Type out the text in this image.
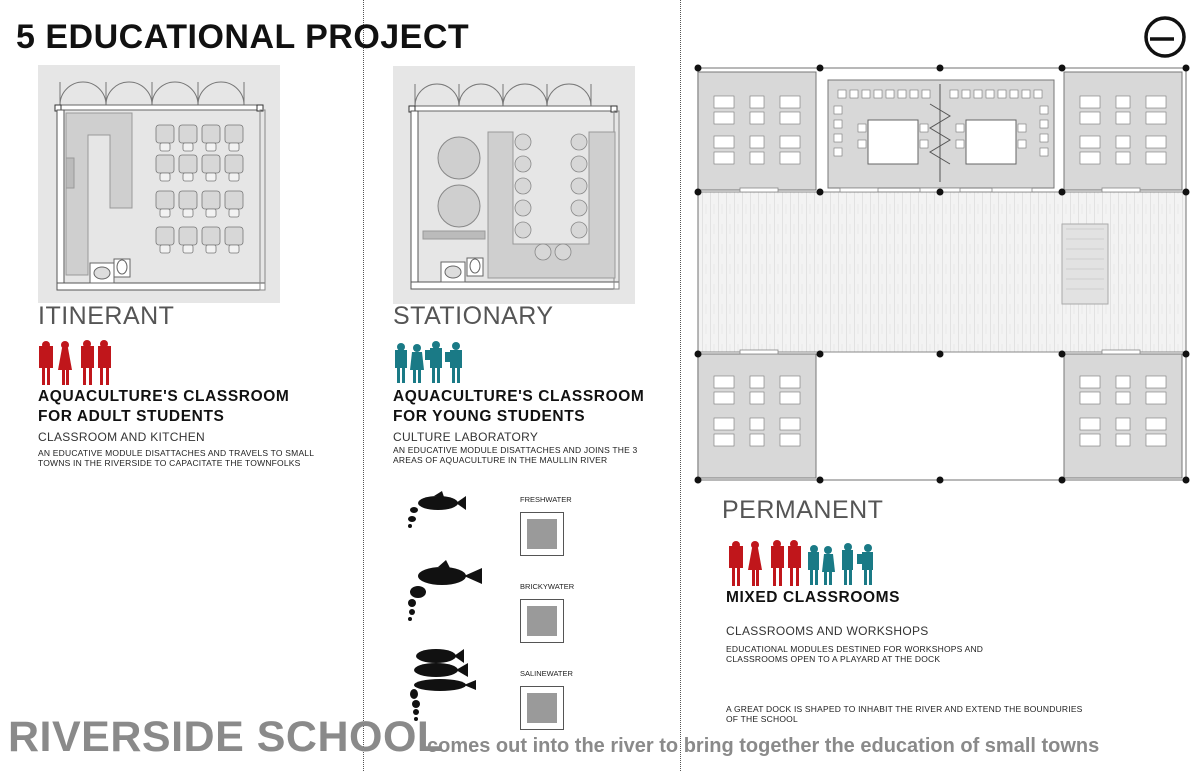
5 EDUCATIONAL PROJECT
ITINERANT
AQUACULTURE'S CLASSROOM
FOR ADULT STUDENTS
CLASSROOM AND KITCHEN
AN EDUCATIVE MODULE DISATTACHES AND TRAVELS TO SMALL TOWNS IN THE RIVERSIDE TO CAPACITATE THE TOWNFOLKS
STATIONARY
AQUACULTURE'S CLASSROOM
FOR YOUNG STUDENTS
CULTURE LABORATORY
AN EDUCATIVE MODULE DISATTACHES AND JOINS THE 3 AREAS OF AQUACULTURE IN THE MAULLIN RIVER
FRESHWATER
BRICKYWATER
SALINEWATER
PERMANENT
MIXED CLASSROOMS
CLASSROOMS AND WORKSHOPS
EDUCATIONAL MODULES DESTINED FOR WORKSHOPS AND CLASSROOMS OPEN TO A PLAYARD AT THE DOCK
A GREAT DOCK IS SHAPED TO INHABIT THE RIVER AND EXTEND THE BOUNDURIES OF THE SCHOOL
RIVERSIDE SCHOOL
comes out into the river to bring together the education of small towns
